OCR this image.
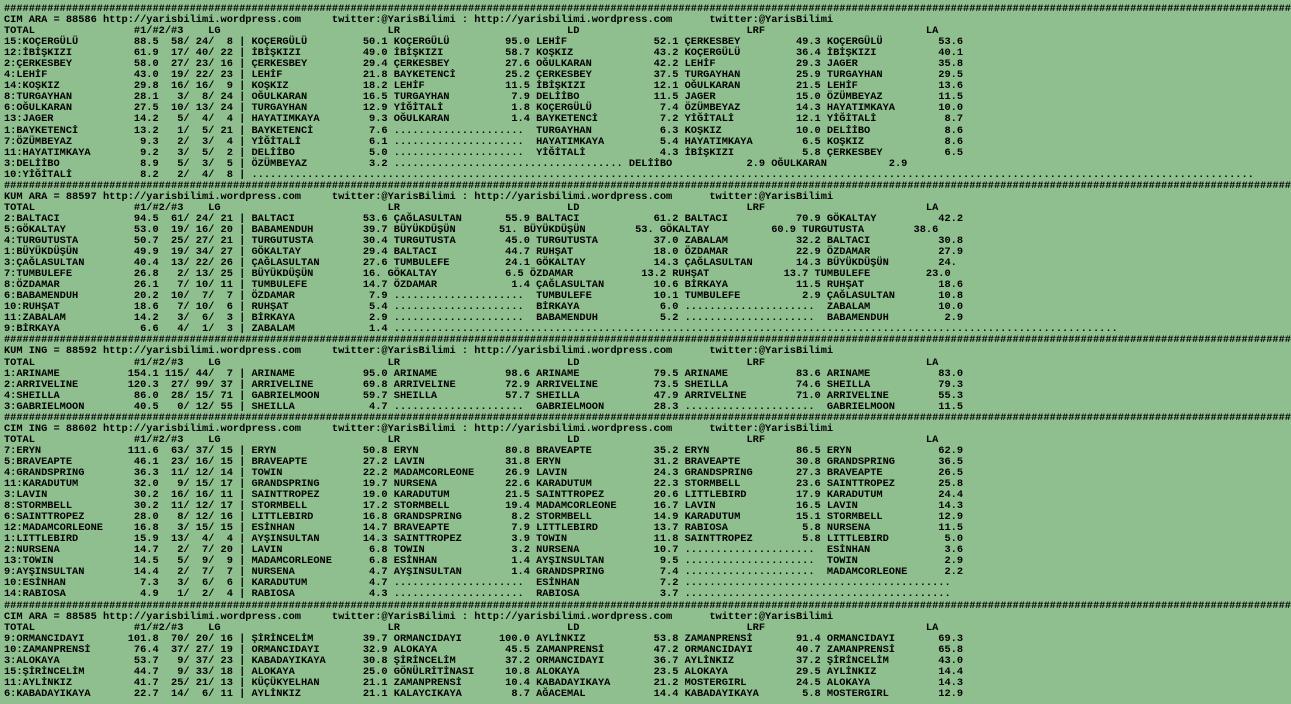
################################################################################################################################################################################################################
CIM ARA = 88586 http://yarisbilimi.wordpress.com     twitter:@YarisBilimi : http://yarisbilimi.wordpress.com      twitter:@YarisBilimi
TOTAL                #1/#2/#3    LG                           LR                           LD                           LRF                          LA
15:KOÇERGÜLÜ         88.5  58/ 24/  8 | KOÇERGÜLÜ         50.1 KOÇERGÜLÜ         95.0 LEHİF              52.1 ÇERKESBEY         49.3 KOÇERGÜLÜ         53.6
12:İBİŞKIZI          61.9  17/ 40/ 22 | İBİŞKIZI          49.0 İBİŞKIZI          58.7 KOŞKIZ             43.2 KOÇERGÜLÜ         36.4 İBİŞKIZI          40.1
2:ÇERKESBEY          58.0  27/ 23/ 16 | ÇERKESBEY         29.4 ÇERKESBEY         27.6 OĞULKARAN          42.2 LEHİF             29.3 JAGER             35.8
4:LEHİF              43.0  19/ 22/ 23 | LEHİF             21.8 BAYKETENCİ        25.2 ÇERKESBEY          37.5 TURGAYHAN         25.9 TURGAYHAN         29.5
14:KOŞKIZ            29.8  16/ 16/  9 | KOŞKIZ            18.2 LEHİF             11.5 İBİŞKIZI           12.1 OĞULKARAN         21.5 LEHİF             13.6
8:TURGAYHAN          28.1   3/  8/ 24 | OĞULKARAN         16.5 TURGAYHAN          7.9 DELİİBO            11.5 JAGER             15.0 ÖZÜMBEYAZ         11.5
6:OĞULKARAN          27.5  10/ 13/ 24 | TURGAYHAN         12.9 YİĞİTALİ           1.8 KOÇERGÜLÜ           7.4 ÖZÜMBEYAZ         14.3 HAYATIMKAYA       10.0
13:JAGER             14.2   5/  4/  4 | HAYATIMKAYA        9.3 OĞULKARAN          1.4 BAYKETENCİ          7.2 YİĞİTALİ          12.1 YİĞİTALİ           8.7
1:BAYKETENCİ         13.2   1/  5/ 21 | BAYKETENCİ         7.6 .....................  TURGAYHAN           6.3 KOŞKIZ            10.0 DELİİBO            8.6
7:ÖZÜMBEYAZ           9.3   2/  3/  4 | YİĞİTALİ           6.1 .....................  HAYATIMKAYA         5.4 HAYATIMKAYA        6.5 KOŞKIZ             8.6
11:HAYATIMKAYA        9.2   3/  5/  2 | DELİİBO            5.0 .....................  YİĞİTALİ            4.3 İBİŞKIZI           5.8 ÇERKESBEY          6.5
3:DELİİBO             8.9   5/  3/  5 | ÖZÜMBEYAZ          3.2 ..................................... DELİİBO            2.9 OĞULKARAN          2.9
10:YİĞİTALİ           8.2   2/  4/  8 | ..................................................................................................................................................................
################################################################################################################################################################################################################
KUM ARA = 88597 http://yarisbilimi.wordpress.com     twitter:@YarisBilimi : http://yarisbilimi.wordpress.com      twitter:@YarisBilimi
TOTAL                #1/#2/#3    LG                           LR                           LD                           LRF                          LA
2:BALTACI            94.5  61/ 24/ 21 | BALTACI           53.6 ÇAĞLASULTAN       55.9 BALTACI            61.2 BALTACI           70.9 GÖKALTAY          42.2
5:GÖKALTAY           53.0  19/ 16/ 20 | BABAMENDUH        39.7 BÜYÜKDÜŞÜN       51. BÜYÜKDÜŞÜN        53. GÖKALTAY          60.9 TURGUTUSTA        38.6
4:TURGUTUSTA         50.7  25/ 27/ 21 | TURGUTUSTA        30.4 TURGUTUSTA        45.0 TURGUTUSTA         37.0 ZABALAM           32.2 BALTACI           30.8
1:BÜYÜKDÜŞÜN         49.9  19/ 34/ 27 | GÖKALTAY          29.4 BALTACI           44.7 RUHŞAT             18.0 ÖZDAMAR           22.9 ÖZDAMAR           27.9
3:ÇAĞLASULTAN        40.4  13/ 22/ 26 | ÇAĞLASULTAN       27.6 TUMBULEFE         24.1 GÖKALTAY           14.3 ÇAĞLASULTAN       14.3 BÜYÜKDÜŞÜN        24.
7:TUMBULEFE          26.8   2/ 13/ 25 | BÜYÜKDÜŞÜN        16. GÖKALTAY           6.5 ÖZDAMAR           13.2 RUHŞAT            13.7 TUMBULEFE         23.0
8:ÖZDAMAR            26.1   7/ 10/ 11 | TUMBULEFE         14.7 ÖZDAMAR            1.4 ÇAĞLASULTAN        10.6 BİRKAYA           11.5 RUHŞAT            18.6
6:BABAMENDUH         20.2  10/  7/  7 | ÖZDAMAR            7.9 .....................  TUMBULEFE          10.1 TUMBULEFE          2.9 ÇAĞLASULTAN       10.8
10:RUHŞAT            18.6   7/ 10/  6 | RUHŞAT             5.4 .....................  BİRKAYA             6.0 .....................  ZABALAM           10.0
11:ZABALAM           14.2   3/  6/  3 | BİRKAYA            2.9 .....................  BABAMENDUH          5.2 .....................  BABAMENDUH         2.9
9:BİRKAYA             6.6   4/  1/  3 | ZABALAM            1.4 .....................................................................................................................
################################################################################################################################################################################################################
KUM ING = 88592 http://yarisbilimi.wordpress.com     twitter:@YarisBilimi : http://yarisbilimi.wordpress.com      twitter:@YarisBilimi
TOTAL                #1/#2/#3    LG                           LR                           LD                           LRF                          LA
1:ARINAME           154.1 115/ 44/  7 | ARINAME           95.0 ARINAME           98.6 ARINAME            79.5 ARINAME           83.6 ARINAME           83.0
2:ARRIVELINE        120.3  27/ 99/ 37 | ARRIVELINE        69.8 ARRIVELINE        72.9 ARRIVELINE         73.5 SHEILLA           74.6 SHEILLA           79.3
4:SHEILLA            86.0  28/ 15/ 71 | GABRIELMOON       59.7 SHEILLA           57.7 SHEILLA            47.9 ARRIVELINE        71.0 ARRIVELINE        55.3
3:GABRIELMOON        40.5   0/ 12/ 55 | SHEILLA            4.7 .....................  GABRIELMOON        28.3 .....................  GABRIELMOON       11.5
################################################################################################################################################################################################################
CIM ING = 88602 http://yarisbilimi.wordpress.com     twitter:@YarisBilimi : http://yarisbilimi.wordpress.com      twitter:@YarisBilimi
TOTAL                #1/#2/#3    LG                           LR                           LD                           LRF                          LA
7:ERYN              111.6  63/ 37/ 15 | ERYN              50.8 ERYN              80.8 BRAVEAPTE          35.2 ERYN              86.5 ERYN              62.9
5:BRAVEAPTE          46.1  23/ 16/ 15 | BRAVEAPTE         27.2 LAVIN             31.8 ERYN               31.2 BRAVEAPTE         30.8 GRANDSPRING       36.5
4:GRANDSPRING        36.3  11/ 12/ 14 | TOWIN             22.2 MADAMCORLEONE     26.9 LAVIN              24.3 GRANDSPRING       27.3 BRAVEAPTE         26.5
11:KARADUTUM         32.0   9/ 15/ 17 | GRANDSPRING       19.7 NURSENA           22.6 KARADUTUM          22.3 STORMBELL         23.6 SAINTTROPEZ       25.8
3:LAVIN              30.2  16/ 16/ 11 | SAINTTROPEZ       19.0 KARADUTUM         21.5 SAINTTROPEZ        20.6 LITTLEBIRD        17.9 KARADUTUM         24.4
8:STORMBELL          30.2  11/ 12/ 17 | STORMBELL         17.2 STORMBELL         19.4 MADAMCORLEONE      16.7 LAVIN             16.5 LAVIN             14.3
6:SAINTTROPEZ        28.0   8/ 12/ 16 | LITTLEBIRD        16.8 GRANDSPRING        8.2 STORMBELL          14.9 KARADUTUM         15.1 STORMBELL         12.9
12:MADAMCORLEONE     16.8   3/ 15/ 15 | ESİNHAN           14.7 BRAVEAPTE          7.9 LITTLEBIRD         13.7 RABIOSA            5.8 NURSENA           11.5
1:LITTLEBIRD         15.9  13/  4/  4 | AYŞINSULTAN       14.3 SAINTTROPEZ        3.9 TOWIN              11.8 SAINTTROPEZ        5.8 LITTLEBIRD         5.0
2:NURSENA            14.7   2/  7/ 20 | LAVIN              6.8 TOWIN              3.2 NURSENA            10.7 .....................  ESİNHAN            3.6
13:TOWIN             14.5   5/  9/  9 | MADAMCORLEONE      6.8 ESİNHAN            1.4 AYŞINSULTAN         9.5 .....................  TOWIN              2.9
9:AYŞINSULTAN        14.4   2/  7/  7 | NURSENA            4.7 AYŞINSULTAN        1.4 GRANDSPRING         7.4 .....................  MADAMCORLEONE      2.2
10:ESİNHAN            7.3   3/  6/  6 | KARADUTUM          4.7 .....................  ESİNHAN             7.2 ...........................................
14:RABIOSA            4.9   1/  2/  4 | RABIOSA            4.3 .....................  RABIOSA             3.7 ...........................................
################################################################################################################################################################################################################
CIM ARA = 88585 http://yarisbilimi.wordpress.com     twitter:@YarisBilimi : http://yarisbilimi.wordpress.com      twitter:@YarisBilimi
TOTAL                #1/#2/#3    LG                           LR                           LD                           LRF                          LA
9:ORMANCIDAYI       101.8  70/ 20/ 16 | ŞİRİNCELİM        39.7 ORMANCIDAYI      100.0 AYLİNKIZ           53.8 ZAMANPRENSİ       91.4 ORMANCIDAYI       69.3
10:ZAMANPRENSİ       76.4  37/ 27/ 19 | ORMANCIDAYI       32.9 ALOKAYA           45.5 ZAMANPRENSİ        47.2 ORMANCIDAYI       40.7 ZAMANPRENSİ       65.8
3:ALOKAYA            53.7   9/ 37/ 23 | KABADAYIKAYA      30.8 ŞİRİNCELİM        37.2 ORMANCIDAYI        36.7 AYLİNKIZ          37.2 ŞİRİNCELİM        43.0
15:ŞİRİNCELİM        44.7   9/ 33/ 18 | ALOKAYA           25.0 GÖNÜLRİTİNASI     10.8 ALOKAYA            23.5 ALOKAYA           29.5 AYLİNKIZ          14.4
11:AYLİNKIZ          41.7  25/ 21/ 13 | KÜÇÜKYELHAN       21.1 ZAMANPRENSİ       10.4 KABADAYIKAYA       21.2 MOSTERGIRL        24.5 ALOKAYA           14.3
6:KABADAYIKAYA       22.7  14/  6/ 11 | AYLİNKIZ          21.1 KALAYCIKAYA        8.7 AĞACEMAL           14.4 KABADAYIKAYA       5.8 MOSTERGIRL        12.9
